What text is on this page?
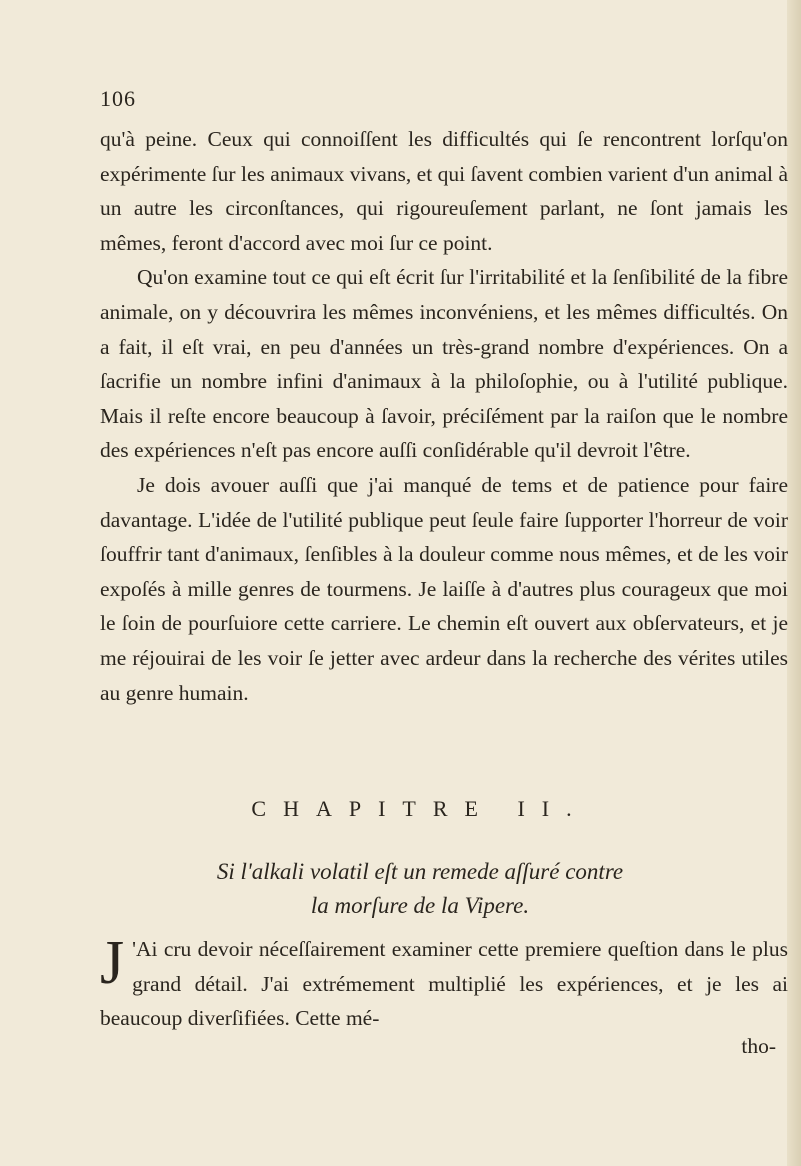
106

qu'à peine. Ceux qui connoiſſent les difficultés qui ſe rencontrent lorſqu'on expérimente ſur les animaux vivans, et qui ſavent combien varient d'un animal à un autre les circonſtances, qui rigoureuſement parlant, ne ſont jamais les mêmes, feront d'accord avec moi ſur ce point.

Qu'on examine tout ce qui eſt écrit ſur l'irritabilité et la ſenſibilité de la fibre animale, on y découvrira les mêmes inconvéniens, et les mêmes difficultés. On a fait, il eſt vrai, en peu d'années un très-grand nombre d'expériences. On a ſacrifie un nombre infini d'animaux à la philoſophie, ou à l'utilité publique. Mais il reſte encore beaucoup à ſavoir, préciſément par la raiſon que le nombre des expériences n'eſt pas encore auſſi conſidérable qu'il devroit l'être.

Je dois avouer auſſi que j'ai manqué de tems et de patience pour faire davantage. L'idée de l'utilité publique peut ſeule faire ſupporter l'horreur de voir ſouffrir tant d'animaux, ſenſibles à la douleur comme nous mêmes, et de les voir expoſés à mille genres de tourmens. Je laiſſe à d'autres plus courageux que moi le ſoin de pourſuiore cette carriere. Le chemin eſt ouvert aux obſervateurs, et je me réjouirai de les voir ſe jetter avec ardeur dans la recherche des vérites utiles au genre humain.

CHAPITRE II.
Si l'alkali volatil eſt un remede aſſuré contre
la morſure de la Vipere.

J 'Ai cru devoir néceſſairement examiner cette premiere queſtion dans le plus grand détail. J'ai extrémement multiplié les expériences, et je les ai beaucoup diverſifiées. Cette mé-

tho-
